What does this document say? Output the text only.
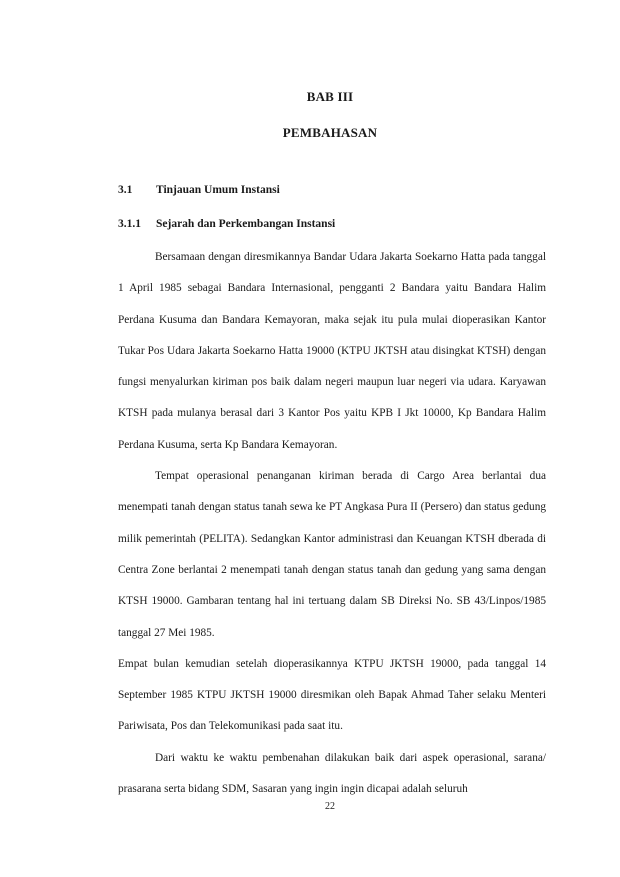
BAB III
PEMBAHASAN
3.1 Tinjauan Umum Instansi
3.1.1 Sejarah dan Perkembangan Instansi

Bersamaan dengan diresmikannya Bandar Udara Jakarta Soekarno Hatta pada tanggal 1 April 1985 sebagai Bandara Internasional, pengganti 2 Bandara yaitu Bandara Halim Perdana Kusuma dan Bandara Kemayoran, maka sejak itu pula mulai dioperasikan Kantor Tukar Pos Udara Jakarta Soekarno Hatta 19000 (KTPU JKTSH atau disingkat KTSH) dengan fungsi menyalurkan kiriman pos baik dalam negeri maupun luar negeri via udara. Karyawan KTSH pada mulanya berasal dari 3 Kantor Pos yaitu KPB I Jkt 10000, Kp Bandara Halim Perdana Kusuma, serta Kp Bandara Kemayoran.

Tempat operasional penanganan kiriman berada di Cargo Area berlantai dua menempati tanah dengan status tanah sewa ke PT Angkasa Pura II (Persero) dan status gedung milik pemerintah (PELITA). Sedangkan Kantor administrasi dan Keuangan KTSH dberada di Centra Zone berlantai 2 menempati tanah dengan status tanah dan gedung yang sama dengan KTSH 19000. Gambaran tentang hal ini tertuang dalam SB Direksi No. SB 43/Linpos/1985 tanggal 27 Mei 1985.

Empat bulan kemudian setelah dioperasikannya KTPU JKTSH 19000, pada tanggal 14 September 1985 KTPU JKTSH 19000 diresmikan oleh Bapak Ahmad Taher selaku Menteri Pariwisata, Pos dan Telekomunikasi pada saat itu.

Dari waktu ke waktu pembenahan dilakukan baik dari aspek operasional, sarana/ prasarana serta bidang SDM, Sasaran yang ingin ingin dicapai adalah seluruh

22
